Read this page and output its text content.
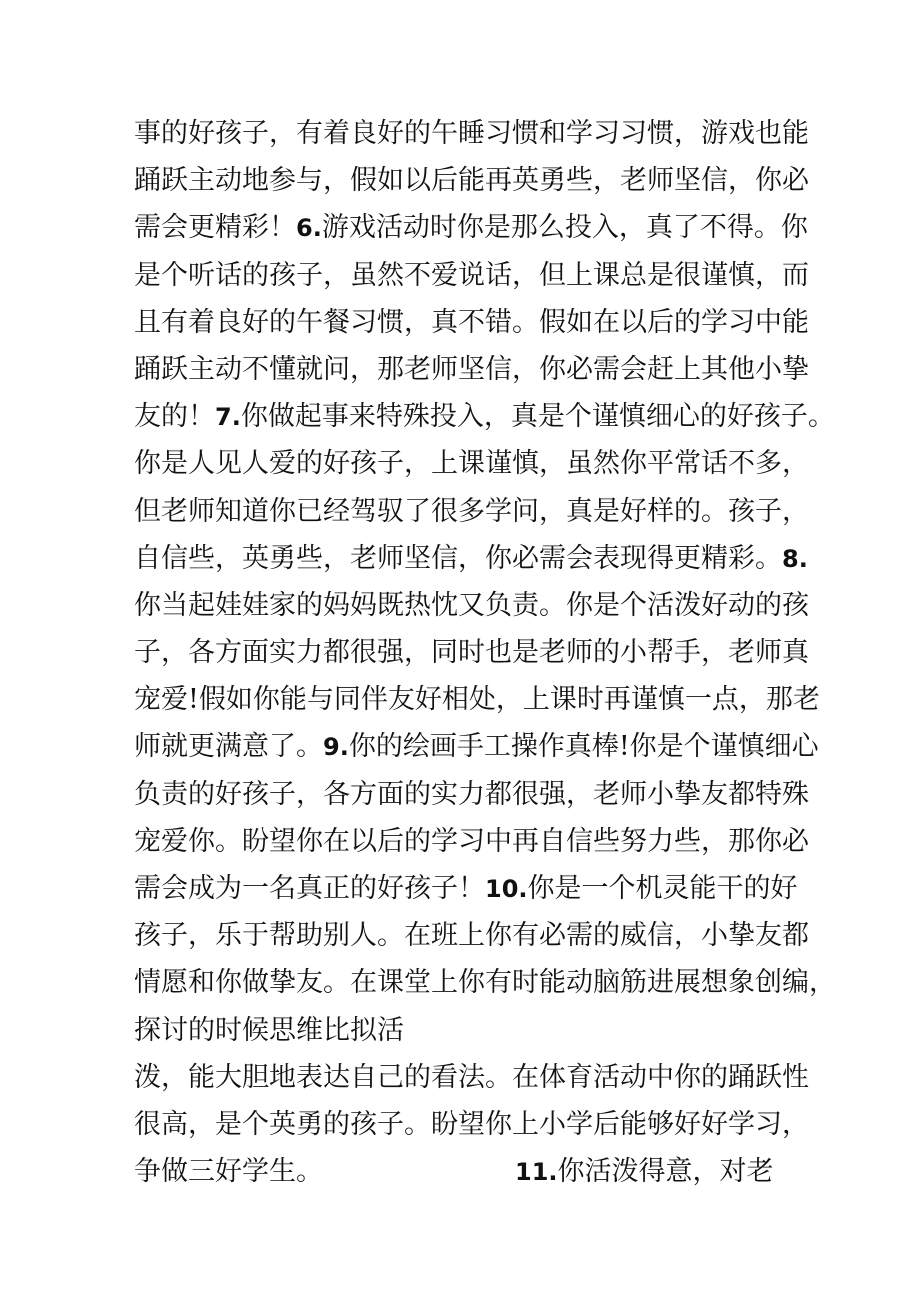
事的好孩子，有着良好的午睡习惯和学习习惯，游戏也能
踊跃主动地参与，假如以后能再英勇些，老师坚信，你必
需会更精彩！6.游戏活动时你是那么投入，真了不得。你
是个听话的孩子，虽然不爱说话，但上课总是很谨慎，而
且有着良好的午餐习惯，真不错。假如在以后的学习中能
踊跃主动不懂就问，那老师坚信，你必需会赶上其他小挚
友的！7.你做起事来特殊投入，真是个谨慎细心的好孩子。
你是人见人爱的好孩子，上课谨慎，虽然你平常话不多，
但老师知道你已经驾驭了很多学问，真是好样的。孩子，
自信些，英勇些，老师坚信，你必需会表现得更精彩。8.
你当起娃娃家的妈妈既热忱又负责。你是个活泼好动的孩
子，各方面实力都很强，同时也是老师的小帮手，老师真
宠爱!假如你能与同伴友好相处，上课时再谨慎一点，那老
师就更满意了。9.你的绘画手工操作真棒!你是个谨慎细心
负责的好孩子，各方面的实力都很强，老师小挚友都特殊
宠爱你。盼望你在以后的学习中再自信些努力些，那你必
需会成为一名真正的好孩子！10.你是一个机灵能干的好
孩子，乐于帮助别人。在班上你有必需的威信，小挚友都
情愿和你做挚友。在课堂上你有时能动脑筋进展想象创编，
探讨的时候思维比拟活
泼，能大胆地表达自己的看法。在体育活动中你的踊跃性
很高，是个英勇的孩子。盼望你上小学后能够好好学习，
争做三好学生。	11.你活泼得意，对老
